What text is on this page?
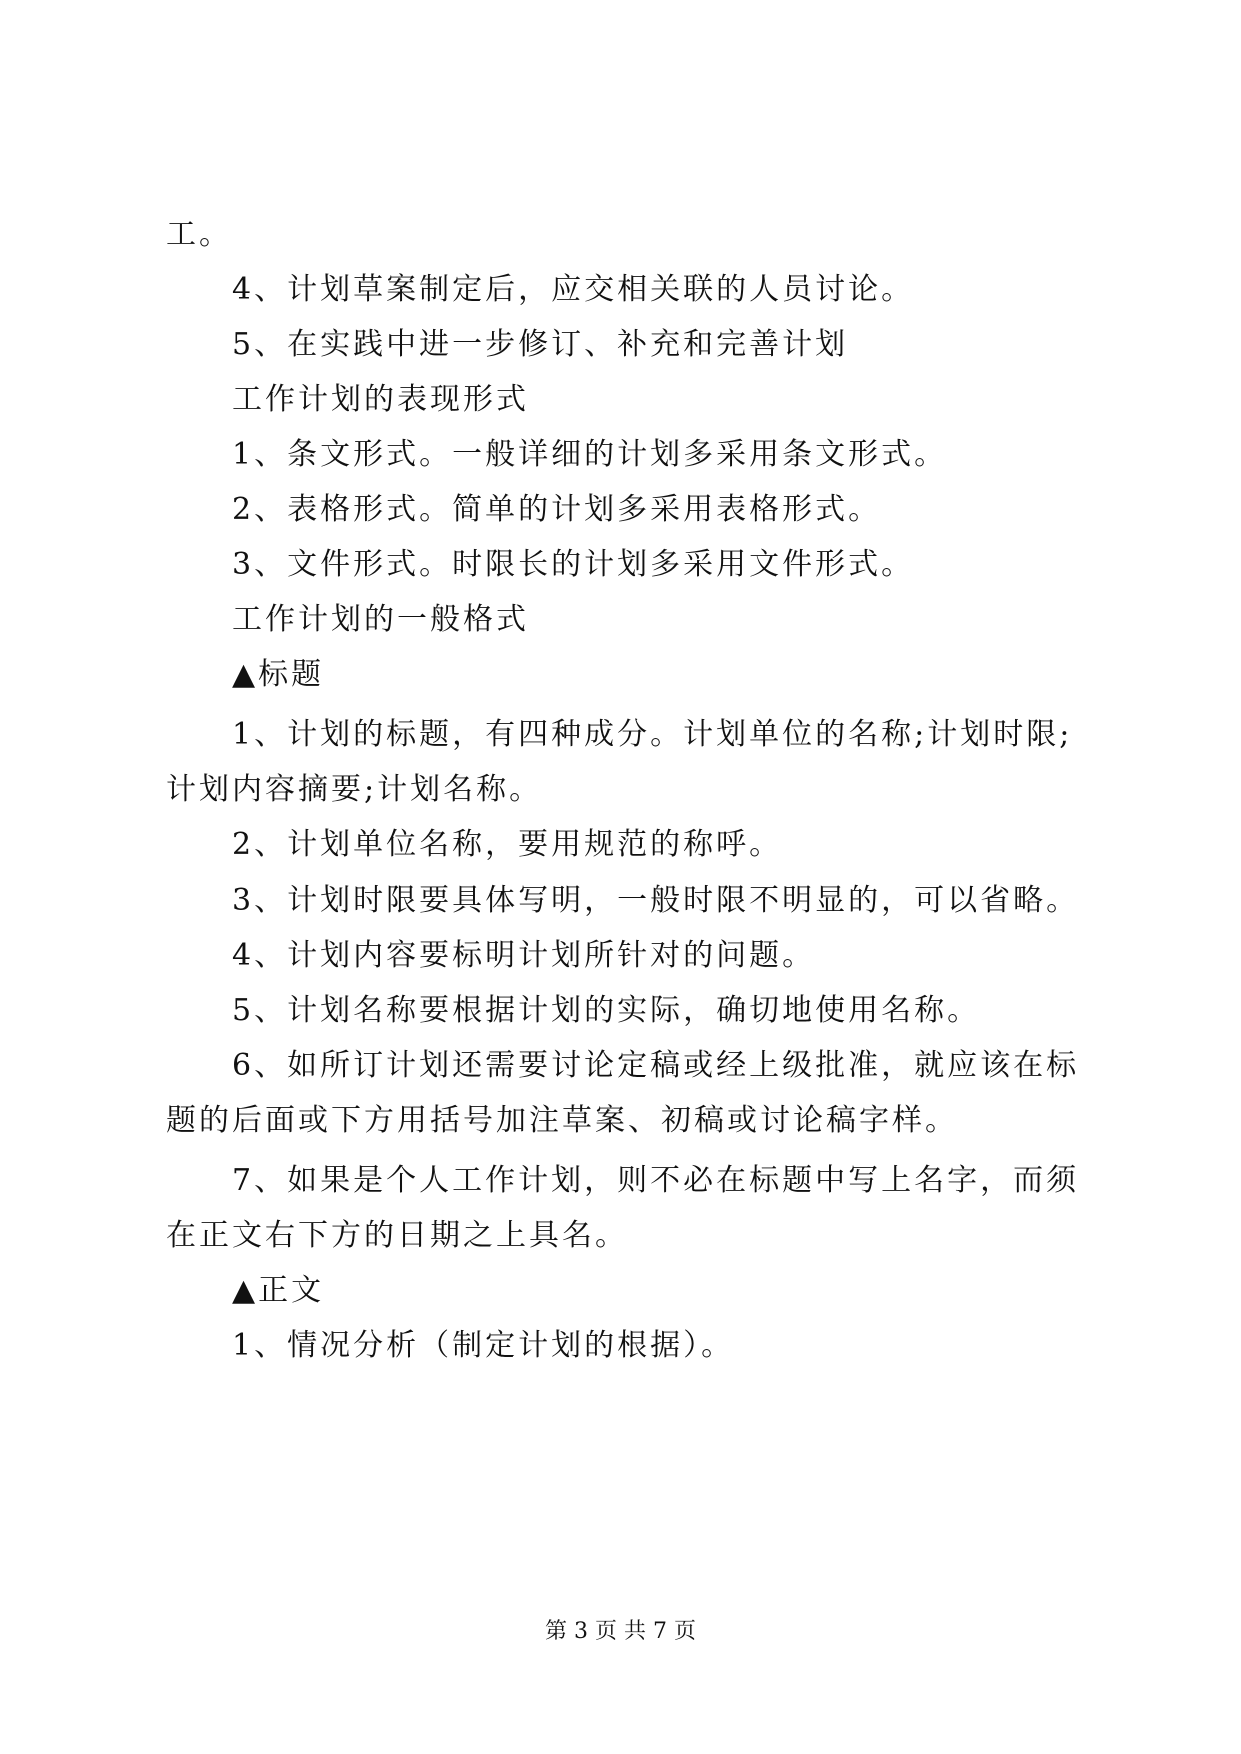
工。
4、计划草案制定后，应交相关联的人员讨论。
5、在实践中进一步修订、补充和完善计划
工作计划的表现形式
1、条文形式。一般详细的计划多采用条文形式。
2、表格形式。简单的计划多采用表格形式。
3、文件形式。时限长的计划多采用文件形式。
工作计划的一般格式
▲标题
1、计划的标题，有四种成分。计划单位的名称;计划时限;
计划内容摘要;计划名称。
2、计划单位名称，要用规范的称呼。
3、计划时限要具体写明，一般时限不明显的，可以省略。
4、计划内容要标明计划所针对的问题。
5、计划名称要根据计划的实际，确切地使用名称。
6、如所订计划还需要讨论定稿或经上级批准，就应该在标
题的后面或下方用括号加注草案、初稿或讨论稿字样。
7、如果是个人工作计划，则不必在标题中写上名字，而须
在正文右下方的日期之上具名。
▲正文
1、情况分析（制定计划的根据）。
第 3 页 共 7 页
